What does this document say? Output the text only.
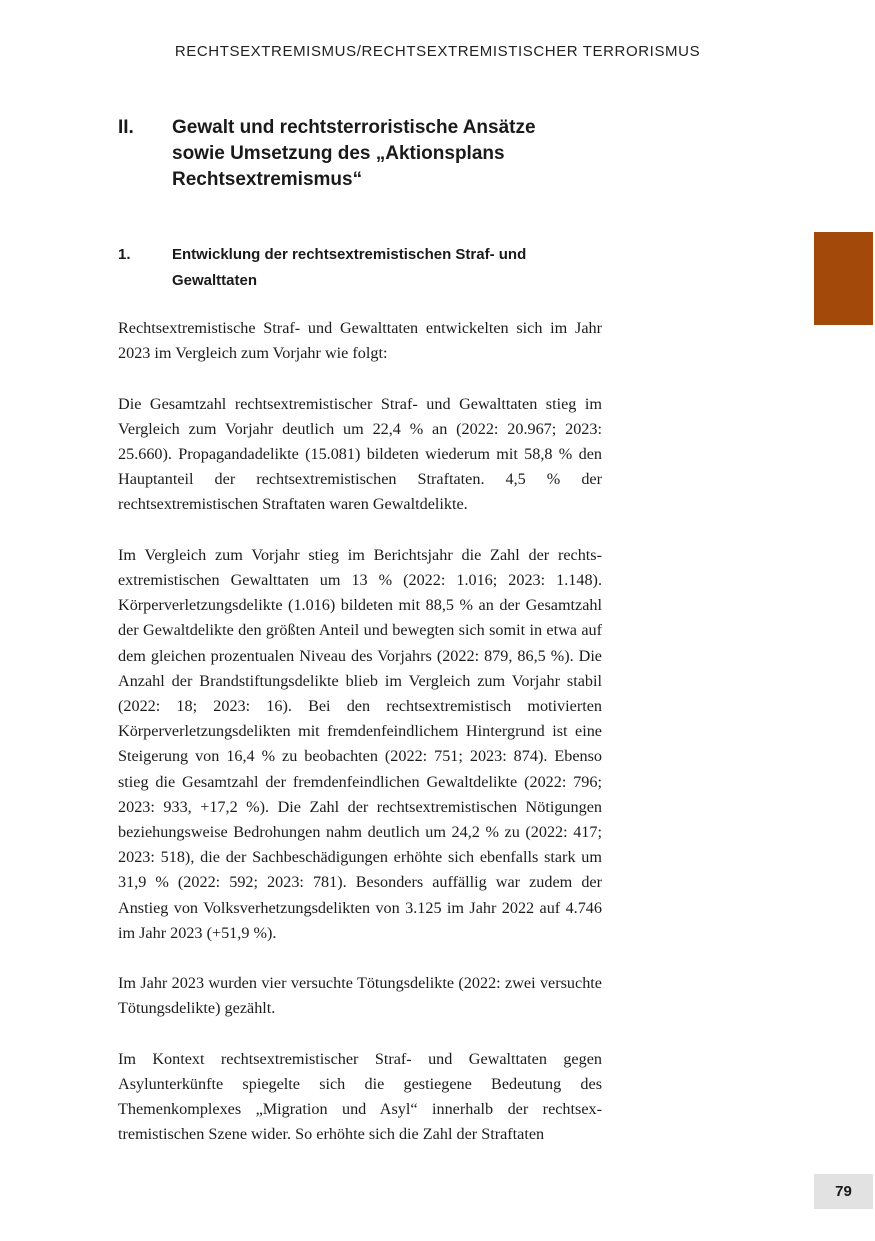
RECHTSEXTREMISMUS/RECHTSEXTREMISTISCHER TERRORISMUS
II. Gewalt und rechtsterroristische Ansätze sowie Umsetzung des „Aktionsplans Rechtsextremismus“
1.	Entwicklung der rechtsextremistischen Straf- und Gewalttaten

Rechtsextremistische Straf- und Gewalttaten entwickelten sich im Jahr 2023 im Vergleich zum Vorjahr wie folgt:

Die Gesamtzahl rechtsextremistischer Straf- und Gewalttaten stieg im Vergleich zum Vorjahr deutlich um 22,4 % an (2022: 20.967; 2023: 25.660). Propagandadelikte (15.081) bildeten wiederum mit 58,8 % den Hauptanteil der rechtsextremistischen Straftaten. 4,5 % der rechtsextremistischen Straftaten waren Gewaltdelikte.

Im Vergleich zum Vorjahr stieg im Berichtsjahr die Zahl der rechtsextremistischen Gewalttaten um 13 % (2022: 1.016; 2023: 1.148). Körperverletzungsdelikte (1.016) bildeten mit 88,5 % an der Gesamtzahl der Gewaltdelikte den größten Anteil und bewegten sich somit in etwa auf dem gleichen prozentualen Niveau des Vorjahrs (2022: 879, 86,5 %). Die Anzahl der Brandstiftungsdelikte blieb im Vergleich zum Vorjahr stabil (2022: 18; 2023: 16). Bei den rechtsextremistisch motivierten Körperverletzungsdelikten mit fremdenfeindlichem Hintergrund ist eine Steigerung von 16,4 % zu beobachten (2022: 751; 2023: 874). Ebenso stieg die Gesamtzahl der fremdenfeindlichen Gewaltdelikte (2022: 796; 2023: 933, +17,2 %). Die Zahl der rechtsextremistischen Nötigungen beziehungsweise Bedrohungen nahm deutlich um 24,2 % zu (2022: 417; 2023: 518), die der Sachbeschädigungen erhöhte sich ebenfalls stark um 31,9 % (2022: 592; 2023: 781). Besonders auffällig war zudem der Anstieg von Volksverhetzungsdelikten von 3.125 im Jahr 2022 auf 4.746 im Jahr 2023 (+51,9 %).

Im Jahr 2023 wurden vier versuchte Tötungsdelikte (2022: zwei versuchte Tötungsdelikte) gezählt.

Im Kontext rechtsextremistischer Straf- und Gewalttaten gegen Asylunterkünfte spiegelte sich die gestiegene Bedeutung des Themenkomplexes „Migration und Asyl“ innerhalb der rechtsextremistischen Szene wider. So erhöhte sich die Zahl der Straftaten

79
